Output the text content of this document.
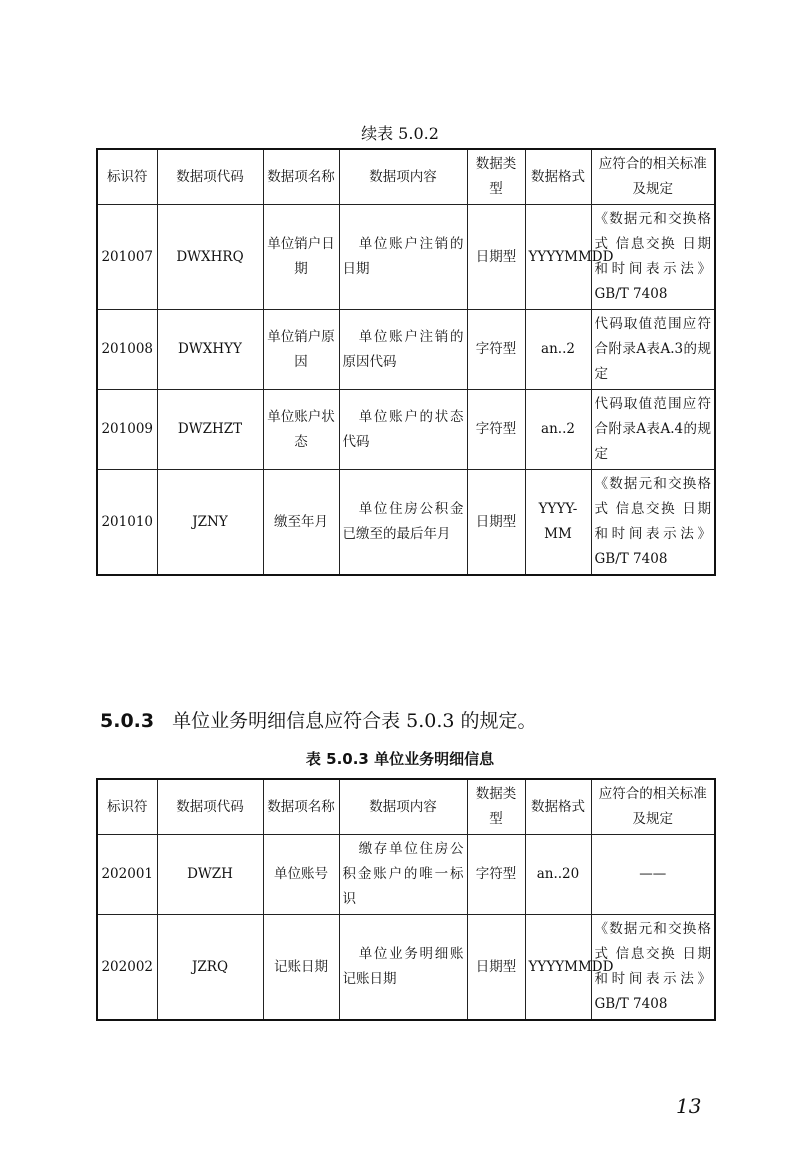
续表 5.0.2
标识符	数据项代码	数据项名称	数据项内容	数据类型	数据格式	应符合的相关标准及规定
201007	DWXHRQ	单位销户日期	单位账户注销的日期	日期型	YYYYMMDD	《数据元和交换格式 信息交换 日期和时间表示法》GB/T 7408
201008	DWXHYY	单位销户原因	单位账户注销的原因代码	字符型	an..2	代码取值范围应符合附录A表A.3的规定
201009	DWZHZT	单位账户状态	单位账户的状态代码	字符型	an..2	代码取值范围应符合附录A表A.4的规定
201010	JZNY	缴至年月	单位住房公积金已缴至的最后年月	日期型	YYYY-MM	《数据元和交换格式 信息交换 日期和时间表示法》GB/T 7408
5.0.3 单位业务明细信息应符合表 5.0.3 的规定。
表 5.0.3 单位业务明细信息
标识符	数据项代码	数据项名称	数据项内容	数据类型	数据格式	应符合的相关标准及规定
202001	DWZH	单位账号	缴存单位住房公积金账户的唯一标识	字符型	an..20	——
202002	JZRQ	记账日期	单位业务明细账记账日期	日期型	YYYYMMDD	《数据元和交换格式 信息交换 日期和时间表示法》GB/T 7408
13
